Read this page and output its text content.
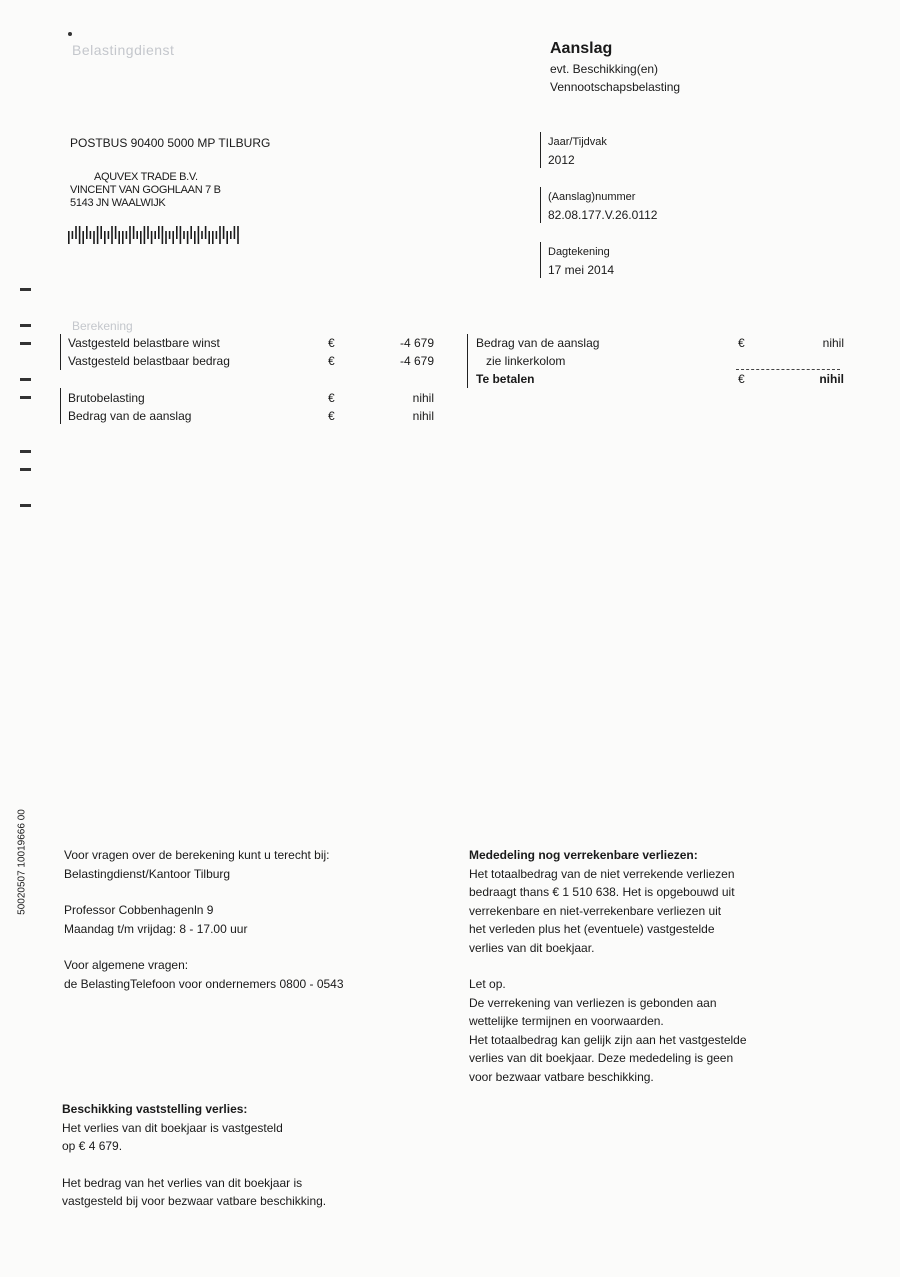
Belastingdienst	Aanslag
evt. Beschikking(en)
Vennootschapsbelasting
POSTBUS 90400 5000 MP TILBURG
AQUVEX TRADE B.V.
VINCENT VAN GOGHLAAN 7 B
5143 JN WAALWIJK
Jaar/Tijdvak
2012
(Aanslag)nummer
82.08.177.V.26.0112
Dagtekening
17 mei 2014
Berekening
Vastgesteld belastbare winst	€	-4 679
Vastgesteld belastbaar bedrag	€	-4 679
Brutobelasting	€	nihil
Bedrag van de aanslag	€	nihil
Bedrag van de aanslag	€	nihil
zie linkerkolom
Te betalen	€	nihil
50020507 10019666 00	Voor vragen over de berekening kunt u terecht bij:
Belastingdienst/Kantoor Tilburg
Professor Cobbenhagenln 9
Maandag t/m vrijdag: 8 - 17.00 uur
Voor algemene vragen:
de BelastingTelefoon voor ondernemers 0800 - 0543
Mededeling nog verrekenbare verliezen:
Het totaalbedrag van de niet verrekende verliezen
bedraagt thans € 1 510 638. Het is opgebouwd uit
verrekenbare en niet-verrekenbare verliezen uit
het verleden plus het (eventuele) vastgestelde
verlies van dit boekjaar.
Let op.
De verrekening van verliezen is gebonden aan
wettelijke termijnen en voorwaarden.
Het totaalbedrag kan gelijk zijn aan het vastgestelde
verlies van dit boekjaar. Deze mededeling is geen
voor bezwaar vatbare beschikking.
Beschikking vaststelling verlies:
Het verlies van dit boekjaar is vastgesteld
op € 4 679.
Het bedrag van het verlies van dit boekjaar is
vastgesteld bij voor bezwaar vatbare beschikking.
